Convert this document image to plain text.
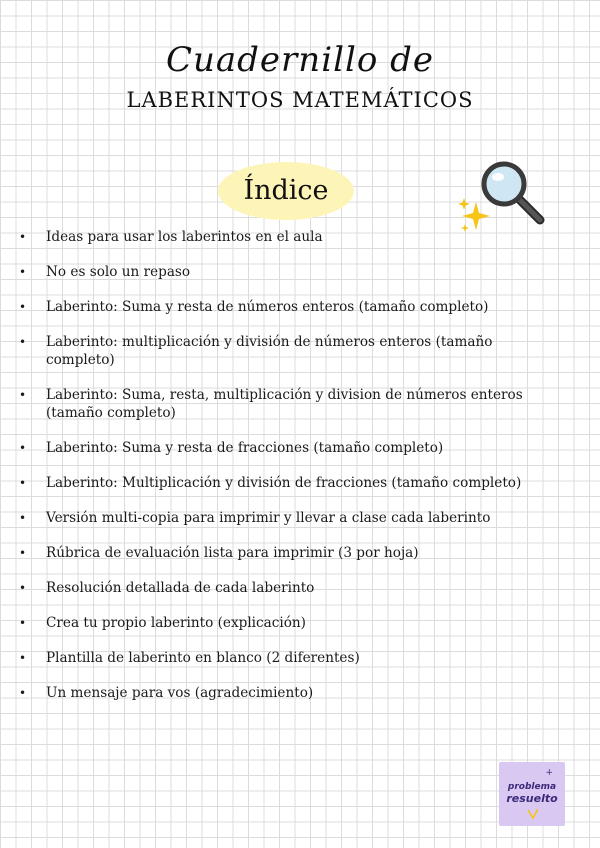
Cuadernillo de
LABERINTOS MATEMÁTICOS
Índice
• Ideas para usar los laberintos en el aula
• No es solo un repaso
• Laberinto: Suma y resta de números enteros (tamaño completo)
• Laberinto: multiplicación y división de números enteros (tamaño completo)
• Laberinto: Suma, resta, multiplicación y division de números enteros (tamaño completo)
• Laberinto: Suma y resta de fracciones (tamaño completo)
• Laberinto: Multiplicación y división de fracciones (tamaño completo)
• Versión multi-copia para imprimir y llevar a clase cada laberinto
• Rúbrica de evaluación lista para imprimir (3 por hoja)
• Resolución detallada de cada laberinto
• Crea tu propio laberinto (explicación)
• Plantilla de laberinto en blanco (2 diferentes)
• Un mensaje para vos (agradecimiento)
+
problema
resuelto
